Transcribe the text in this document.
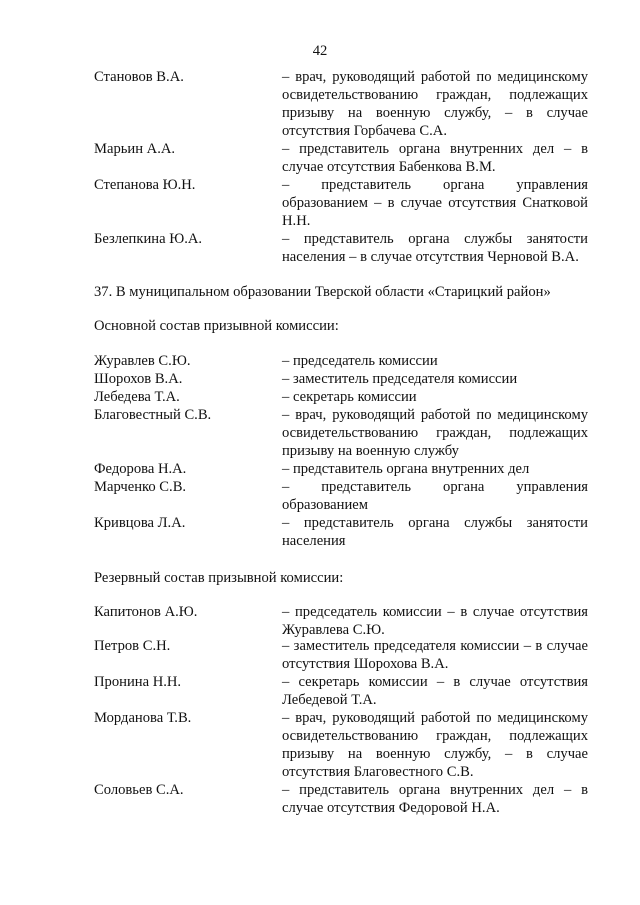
42
Становов В.А.	– врач, руководящий работой по медицинскому освидетельствованию граждан, подлежащих призыву на военную службу, – в случае отсутствия Горбачева С.А.
Марьин А.А.	– представитель органа внутренних дел – в случае отсутствия Бабенкова В.М.
Степанова Ю.Н.	– представитель органа управления образованием – в случае отсутствия Снатковой Н.Н.
Безлепкина Ю.А.	– представитель органа службы занятости населения – в случае отсутствия Черновой В.А.
37. В муниципальном образовании Тверской области «Старицкий район»
Основной состав призывной комиссии:
Журавлев С.Ю.	– председатель комиссии
Шорохов В.А.	– заместитель председателя комиссии
Лебедева Т.А.	– секретарь комиссии
Благовестный С.В.	– врач, руководящий работой по медицинскому освидетельствованию граждан, подлежащих призыву на военную службу
Федорова Н.А.	– представитель органа внутренних дел
Марченко С.В.	– представитель органа управления образованием
Кривцова Л.А.	– представитель органа службы занятости населения
Резервный состав призывной комиссии:
Капитонов А.Ю.	– председатель комиссии – в случае отсутствия Журавлева С.Ю.
Петров С.Н.	– заместитель председателя комиссии – в случае отсутствия Шорохова В.А.
Пронина Н.Н.	– секретарь комиссии – в случае отсутствия Лебедевой Т.А.
Морданова Т.В.	– врач, руководящий работой по медицинскому освидетельствованию граждан, подлежащих призыву на военную службу, – в случае отсутствия Благовестного С.В.
Соловьев С.А.	– представитель органа внутренних дел – в случае отсутствия Федоровой Н.А.
